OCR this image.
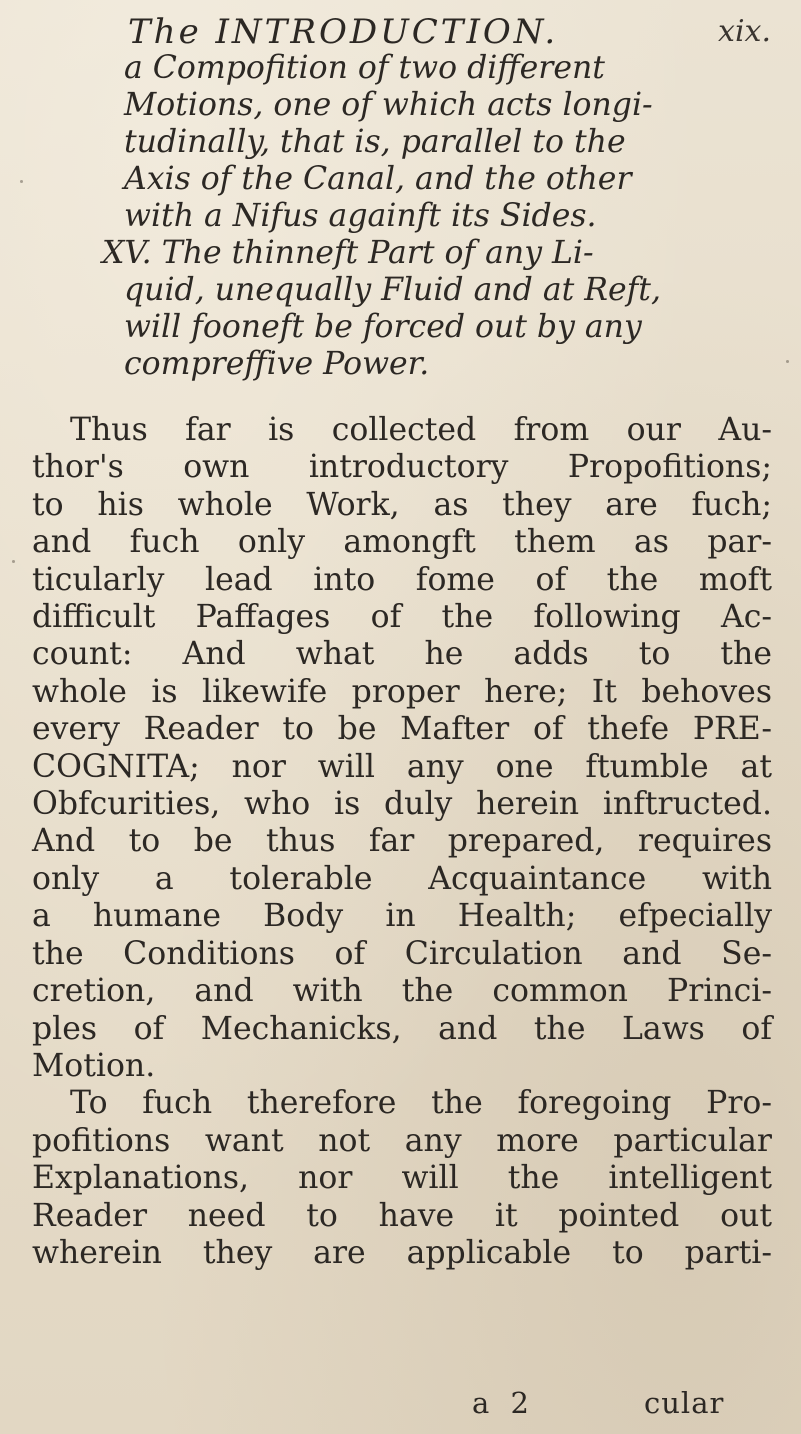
The INTRODUCTION.	xix.
a Compofition of two different
Motions, one of which acts longi-
tudinally, that is, parallel to the
Axis of the Canal, and the other
with a Nifus againft its Sides.
XV. The thinneft Part of any Li-
quid, unequally Fluid and at Reft,
will fooneft be forced out by any
compreffive Power.
Thus far is collected from our Au-
thor's own introductory Propofitions;
to his whole Work, as they are fuch;
and fuch only amongft them as par-
ticularly lead into fome of the moft
difficult Paffages of the following Ac-
count: And what he adds to the
whole is likewife proper here; It behoves
every Reader to be Mafter of thefe PRE-
COGNITA; nor will any one ftumble at
Obfcurities, who is duly herein inftructed.
And to be thus far prepared, requires
only a tolerable Acquaintance with
a humane Body in Health; efpecially
the Conditions of Circulation and Se-
cretion, and with the common Princi-
ples of Mechanicks, and the Laws of
Motion.
To fuch therefore the foregoing Pro-
pofitions want not any more particular
Explanations, nor will the intelligent
Reader need to have it pointed out
wherein they are applicable to parti-
a 2	cular
